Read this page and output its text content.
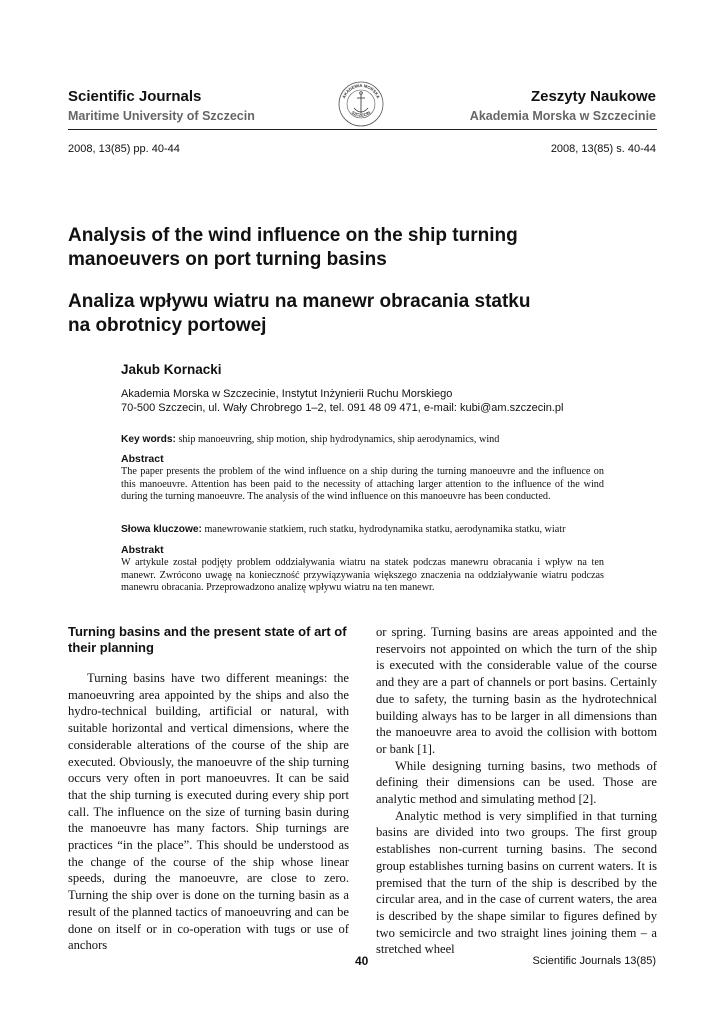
Scientific Journals
Maritime University of Szczecin
Zeszyty Naukowe
Akademia Morska w Szczecinie
AKADEMIA MORSKA
SZCZECIN
2008, 13(85) pp. 40-44	2008, 13(85) s. 40-44
Analysis of the wind influence on the ship turning
manoeuvers on port turning basins
Analiza wpływu wiatru na manewr obracania statku
na obrotnicy portowej
Jakub Kornacki
Akademia Morska w Szczecinie, Instytut Inżynierii Ruchu Morskiego
70-500 Szczecin, ul. Wały Chrobrego 1–2, tel. 091 48 09 471, e-mail: kubi@am.szczecin.pl
Key words: ship manoeuvring, ship motion, ship hydrodynamics, ship aerodynamics, wind
Abstract
The paper presents the problem of the wind influence on a ship during the turning manoeuvre and the influence on this manoeuvre. Attention has been paid to the necessity of attaching larger attention to the influence of the wind during the turning manoeuvre. The analysis of the wind influence on this manoeuvre has been conducted.
Słowa kluczowe: manewrowanie statkiem, ruch statku, hydrodynamika statku, aerodynamika statku, wiatr
Abstrakt
W artykule został podjęty problem oddziaływania wiatru na statek podczas manewru obracania i wpływ na ten manewr. Zwrócono uwagę na konieczność przywiązywania większego znaczenia na oddziaływanie wiatru podczas manewru obracania. Przeprowadzono analizę wpływu wiatru na ten manewr.
Turning basins and the present state of art of their planning

Turning basins have two different meanings: the manoeuvring area appointed by the ships and also the hydro-technical building, artificial or natural, with suitable horizontal and vertical dimensions, where the considerable alterations of the course of the ship are executed. Obviously, the manoeuvre of the ship turning occurs very often in port manoeuvres. It can be said that the ship turning is executed during every ship port call. The influence on the size of turning basin during the manoeuvre has many factors. Ship turnings are practices “in the place”. This should be understood as the change of the course of the ship whose linear speeds, during the manoeuvre, are close to zero. Turning the ship over is done on the turning basin as a result of the planned tactics of manoeuvring and can be done on itself or in co-operation with tugs or use of anchors

or spring. Turning basins are areas appointed and the reservoirs not appointed on which the turn of the ship is executed with the considerable value of the course and they are a part of channels or port basins. Certainly due to safety, the turning basin as the hydrotechnical building always has to be larger in all dimensions than the manoeuvre area to avoid the collision with bottom or bank [1].

While designing turning basins, two methods of defining their dimensions can be used. Those are analytic method and simulating method [2].

Analytic method is very simplified in that turning basins are divided into two groups. The first group establishes non-current turning basins. The second group establishes turning basins on current waters. It is premised that the turn of the ship is described by the circular area, and in the case of current waters, the area is described by the shape similar to figures defined by two semicircle and two straight lines joining them – a stretched wheel

40	Scientific Journals 13(85)
